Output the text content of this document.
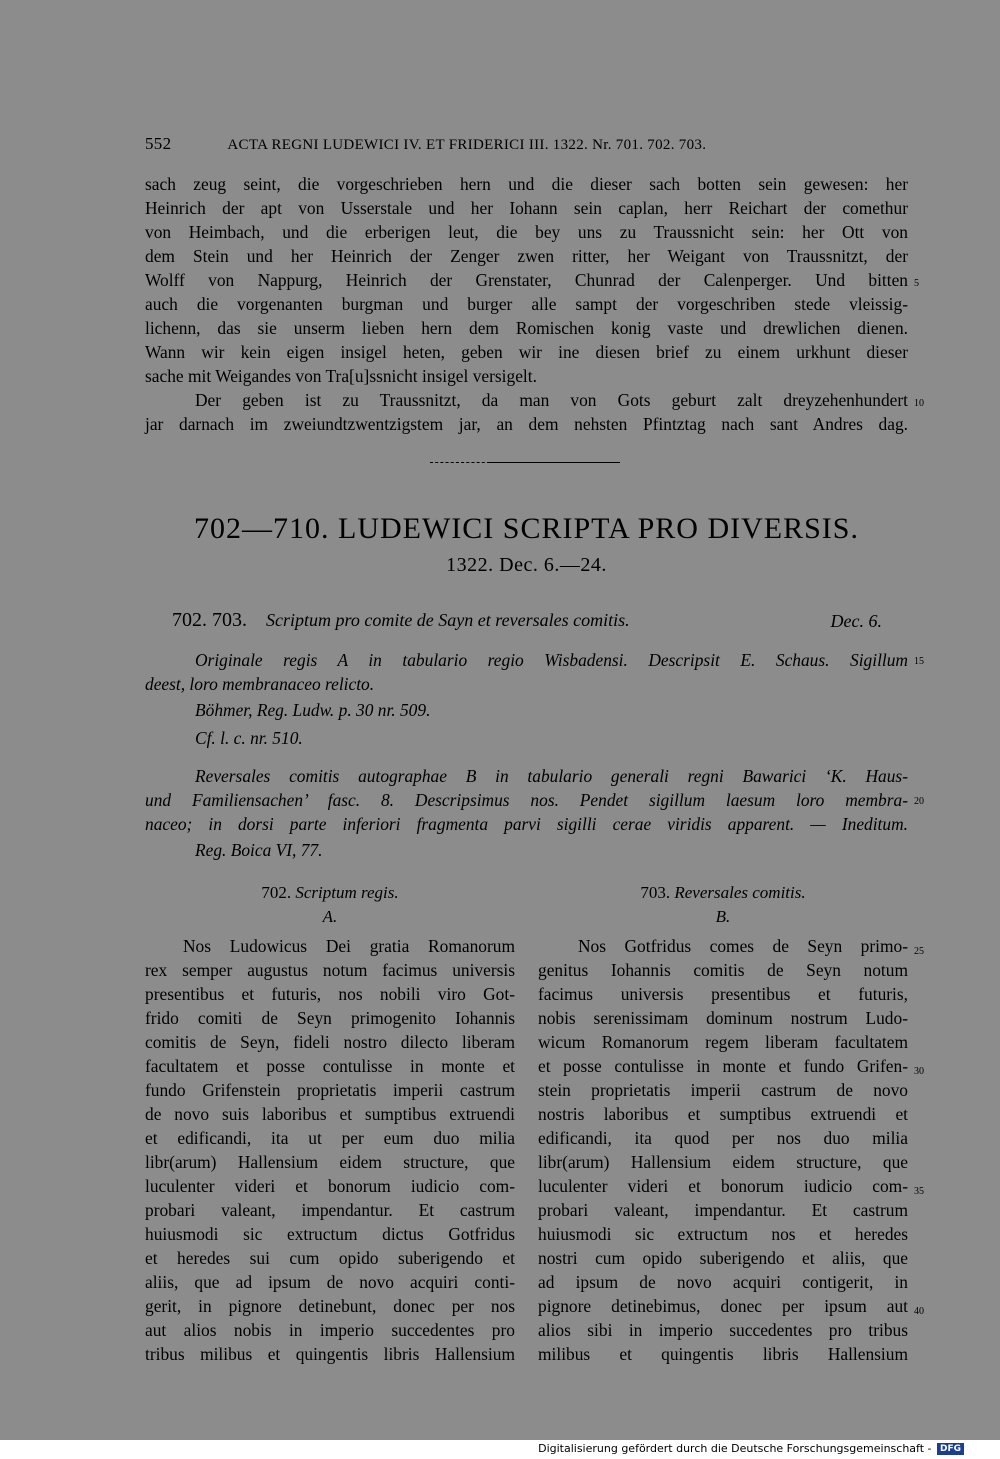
552	ACTA REGNI LUDEWICI IV. ET FRIDERICI III. 1322. Nr. 701. 702. 703.
sach zeug seint, die vorgeschrieben hern und die dieser sach botten sein gewesen: her
Heinrich der apt von Usserstale und her Iohann sein caplan, herr Reichart der comethur
von Heimbach, und die erberigen leut, die bey uns zu Traussnicht sein: her Ott von
dem Stein und her Heinrich der Zenger zwen ritter, her Weigant von Traussnitzt, der
Wolff von Nappurg, Heinrich der Grenstater, Chunrad der Calenperger. Und bitten
auch die vorgenanten burgman und burger alle sampt der vorgeschriben stede vleissig-
lichenn, das sie unserm lieben hern dem Romischen konig vaste und drewlichen dienen.
Wann wir kein eigen insigel heten, geben wir ine diesen brief zu einem urkhunt dieser
sache mit Weigandes von Tra[u]ssnicht insigel versigelt.
Der geben ist zu Traussnitzt, da man von Gots geburt zalt dreyzehenhundert
jar darnach im zweiundtzwentzigstem jar, an dem nehsten Pfintztag nach sant Andres dag.
702—710. LUDEWICI SCRIPTA PRO DIVERSIS.
1322. Dec. 6.—24.
702. 703. Scriptum pro comite de Sayn et reversales comitis.	Dec. 6.
Originale regis A in tabulario regio Wisbadensi. Descripsit E. Schaus. Sigillum
deest, loro membranaceo relicto.
Böhmer, Reg. Ludw. p. 30 nr. 509.
Cf. l. c. nr. 510.
Reversales comitis autographae B in tabulario generali regni Bawarici ‘K. Haus-
und Familiensachen’ fasc. 8. Descripsimus nos. Pendet sigillum laesum loro membra-
naceo; in dorsi parte inferiori fragmenta parvi sigilli cerae viridis apparent. — Ineditum.
Reg. Boica VI, 77.
702. Scriptum regis.
A.
703. Reversales comitis.
B.
Nos Ludowicus Dei gratia Romanorum
rex semper augustus notum facimus universis
presentibus et futuris, nos nobili viro Got-
frido comiti de Seyn primogenito Iohannis
comitis de Seyn, fideli nostro dilecto liberam
facultatem et posse contulisse in monte et
fundo Grifenstein proprietatis imperii castrum
de novo suis laboribus et sumptibus extruendi
et edificandi, ita ut per eum duo milia
libr(arum) Hallensium eidem structure, que
luculenter videri et bonorum iudicio com-
probari valeant, impendantur. Et castrum
huiusmodi sic extructum dictus Gotfridus
et heredes sui cum opido suberigendo et
aliis, que ad ipsum de novo acquiri conti-
gerit, in pignore detinebunt, donec per nos
aut alios nobis in imperio succedentes pro
tribus milibus et quingentis libris Hallensium
Nos Gotfridus comes de Seyn primo-
genitus Iohannis comitis de Seyn notum
facimus universis presentibus et futuris,
nobis serenissimam dominum nostrum Ludo-
wicum Romanorum regem liberam facultatem
et posse contulisse in monte et fundo Grifen-
stein proprietatis imperii castrum de novo
nostris laboribus et sumptibus extruendi et
edificandi, ita quod per nos duo milia
libr(arum) Hallensium eidem structure, que
luculenter videri et bonorum iudicio com-
probari valeant, impendantur. Et castrum
huiusmodi sic extructum nos et heredes
nostri cum opido suberigendo et aliis, que
ad ipsum de novo acquiri contigerit, in
pignore detinebimus, donec per ipsum aut
alios sibi in imperio succedentes pro tribus
milibus et quingentis libris Hallensium
5
10
15
20
25
30
35
40
Digitalisierung gefördert durch die Deutsche Forschungsgemeinschaft - DFG
